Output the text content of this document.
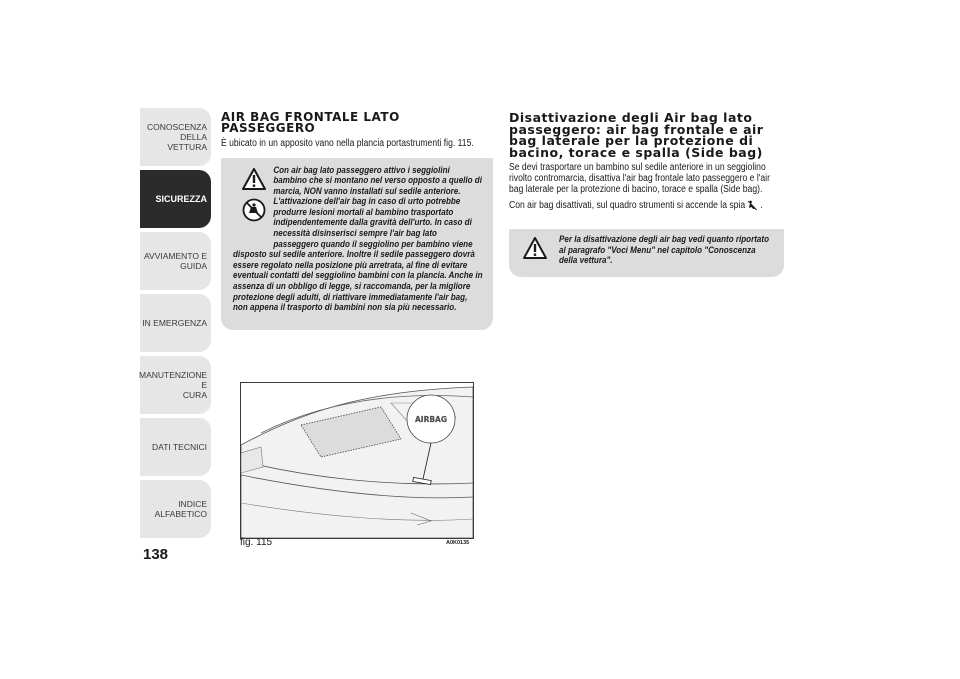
CONOSCENZA
DELLA VETTURA
SICUREZZA
AVVIAMENTO E
GUIDA
IN EMERGENZA
MANUTENZIONE E
CURA
DATI TECNICI
INDICE ALFABETICO
138
AIR BAG FRONTALE LATO PASSEGGERO

È ubicato in un apposito vano nella plancia portastrumenti fig. 115.

Con air bag lato passeggero attivo i seggiolini bambino che si montano nel verso opposto a quello di marcia, NON vanno installati sul sedile anteriore. L'attivazione dell'air bag in caso di urto potrebbe produrre lesioni mortali al bambino trasportato indipendentemente dalla gravità dell'urto. In caso di necessità disinserisci sempre l'air bag lato passeggero quando il seggiolino per bambino viene disposto sul sedile anteriore. Inoltre il sedile passeggero dovrà essere regolato nella posizione più arretrata, al fine di evitare eventuali contatti del seggiolino bambini con la plancia. Anche in assenza di un obbligo di legge, si raccomanda, per la migliore protezione degli adulti, di riattivare immediatamente l'air bag, non appena il trasporto di bambini non sia più necessario.
AIRBAG
fig. 115	A0K0135
Disattivazione degli Air bag lato passeggero: air bag frontale e air bag laterale per la protezione di bacino, torace e spalla (Side bag)

Se devi trasportare un bambino sul sedile anteriore in un seggiolino rivolto contromarcia, disattiva l'air bag frontale lato passeggero e l'air bag laterale per la protezione di bacino, torace e spalla (Side bag).

Con air bag disattivati, sul quadro strumenti si accende la spia .

Per la disattivazione degli air bag vedi quanto riportato al paragrafo "Voci Menu" nel capitolo "Conoscenza della vettura".
